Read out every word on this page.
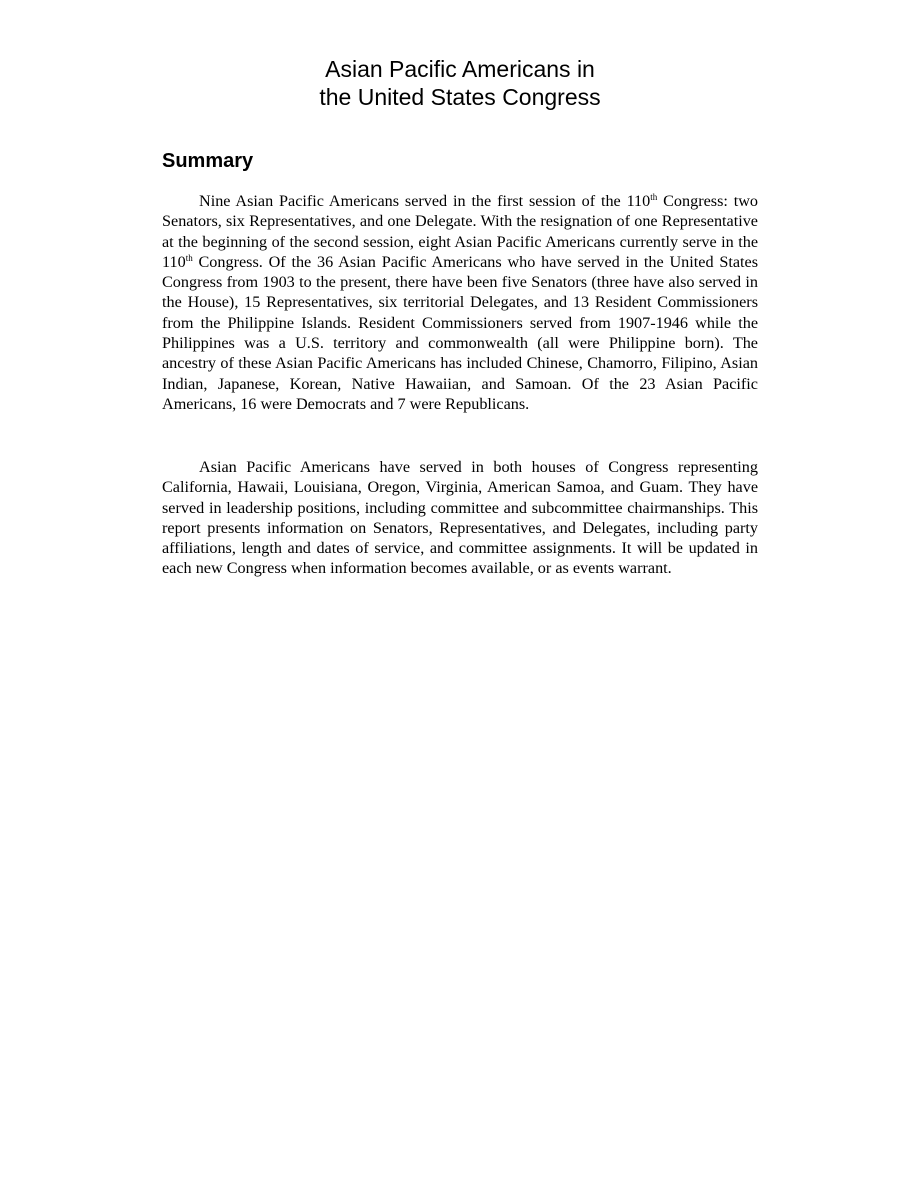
Asian Pacific Americans in
the United States Congress
Summary

Nine Asian Pacific Americans served in the first session of the 110th Congress: two Senators, six Representatives, and one Delegate. With the resignation of one Representative at the beginning of the second session, eight Asian Pacific Americans currently serve in the 110th Congress. Of the 36 Asian Pacific Americans who have served in the United States Congress from 1903 to the present, there have been five Senators (three have also served in the House), 15 Representatives, six territorial Delegates, and 13 Resident Commissioners from the Philippine Islands. Resident Commissioners served from 1907-1946 while the Philippines was a U.S. territory and commonwealth (all were Philippine born). The ancestry of these Asian Pacific Americans has included Chinese, Chamorro, Filipino, Asian Indian, Japanese, Korean, Native Hawaiian, and Samoan. Of the 23 Asian Pacific Americans, 16 were Democrats and 7 were Republicans.

Asian Pacific Americans have served in both houses of Congress representing California, Hawaii, Louisiana, Oregon, Virginia, American Samoa, and Guam. They have served in leadership positions, including committee and subcommittee chairmanships. This report presents information on Senators, Representatives, and Delegates, including party affiliations, length and dates of service, and committee assignments. It will be updated in each new Congress when information becomes available, or as events warrant.
